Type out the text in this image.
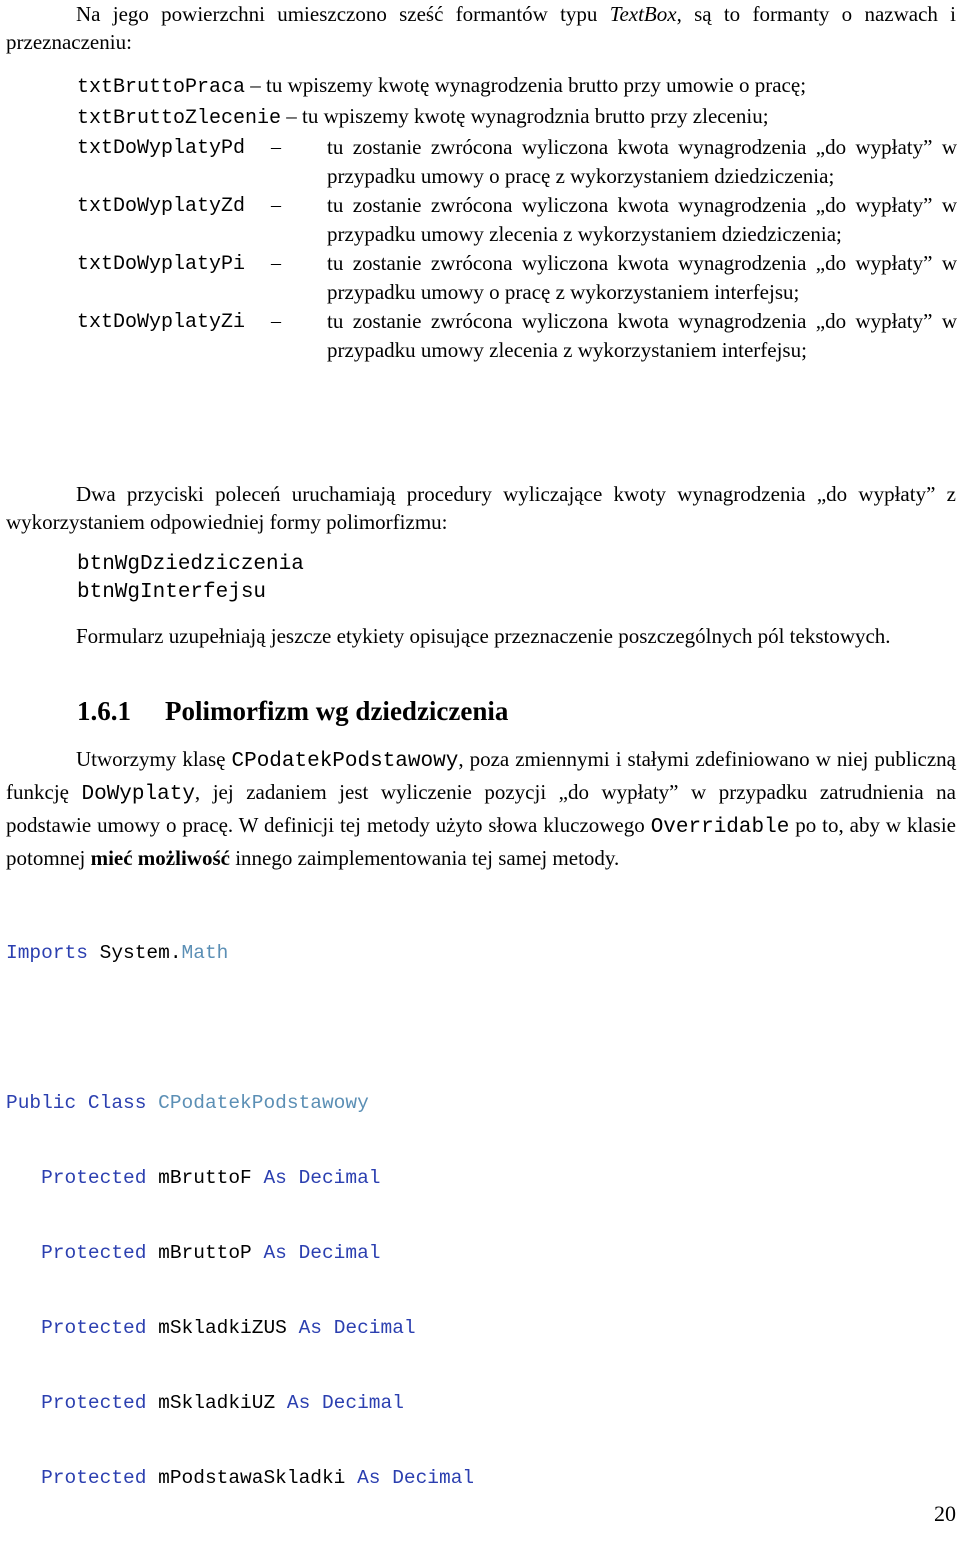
Na jego powierzchni umieszczono sześć formantów typu TextBox, są to formanty o nazwach i przeznaczeniu:

txtBruttoPraca – tu wpiszemy kwotę wynagrodzenia brutto przy umowie o pracę;
txtBruttoZlecenie – tu wpiszemy kwotę wynagrodznia brutto przy zleceniu;
txtDoWyplatyPd –	tu zostanie zwrócona wyliczona kwota wynagrodzenia „do wypłaty” w przypadku umowy o pracę z wykorzystaniem dziedziczenia;
txtDoWyplatyZd –	tu zostanie zwrócona wyliczona kwota wynagrodzenia „do wypłaty” w przypadku umowy zlecenia z wykorzystaniem dziedziczenia;
txtDoWyplatyPi –	tu zostanie zwrócona wyliczona kwota wynagrodzenia „do wypłaty” w przypadku umowy o pracę z wykorzystaniem interfejsu;
txtDoWyplatyZi –	tu zostanie zwrócona wyliczona kwota wynagrodzenia „do wypłaty” w przypadku umowy zlecenia z wykorzystaniem interfejsu;

Dwa przyciski poleceń uruchamiają procedury wyliczające kwoty wynagrodzenia „do wypłaty” z wykorzystaniem odpowiedniej formy polimorfizmu:

btnWgDziedziczenia
btnWgInterfejsu

Formularz uzupełniają jeszcze etykiety opisujące przeznaczenie poszczególnych pól tekstowych.

1.6.1 Polimorfizm wg dziedziczenia

Utworzymy klasę CPodatekPodstawowy, poza zmiennymi i stałymi zdefiniowano w niej publiczną funkcję DoWyplaty, jej zadaniem jest wyliczenie pozycji „do wypłaty” w przypadku zatrudnienia na podstawie umowy o pracę. W definicji tej metody użyto słowa kluczowego Overridable po to, aby w klasie potomnej mieć możliwość innego zaimplementowania tej samej metody.

Imports System.Math

Public Class CPodatekPodstawowy

Protected mBruttoF As Decimal

Protected mBruttoP As Decimal

Protected mSkladkiZUS As Decimal

Protected mSkladkiUZ As Decimal

Protected mPodstawaSkladki As Decimal

20
